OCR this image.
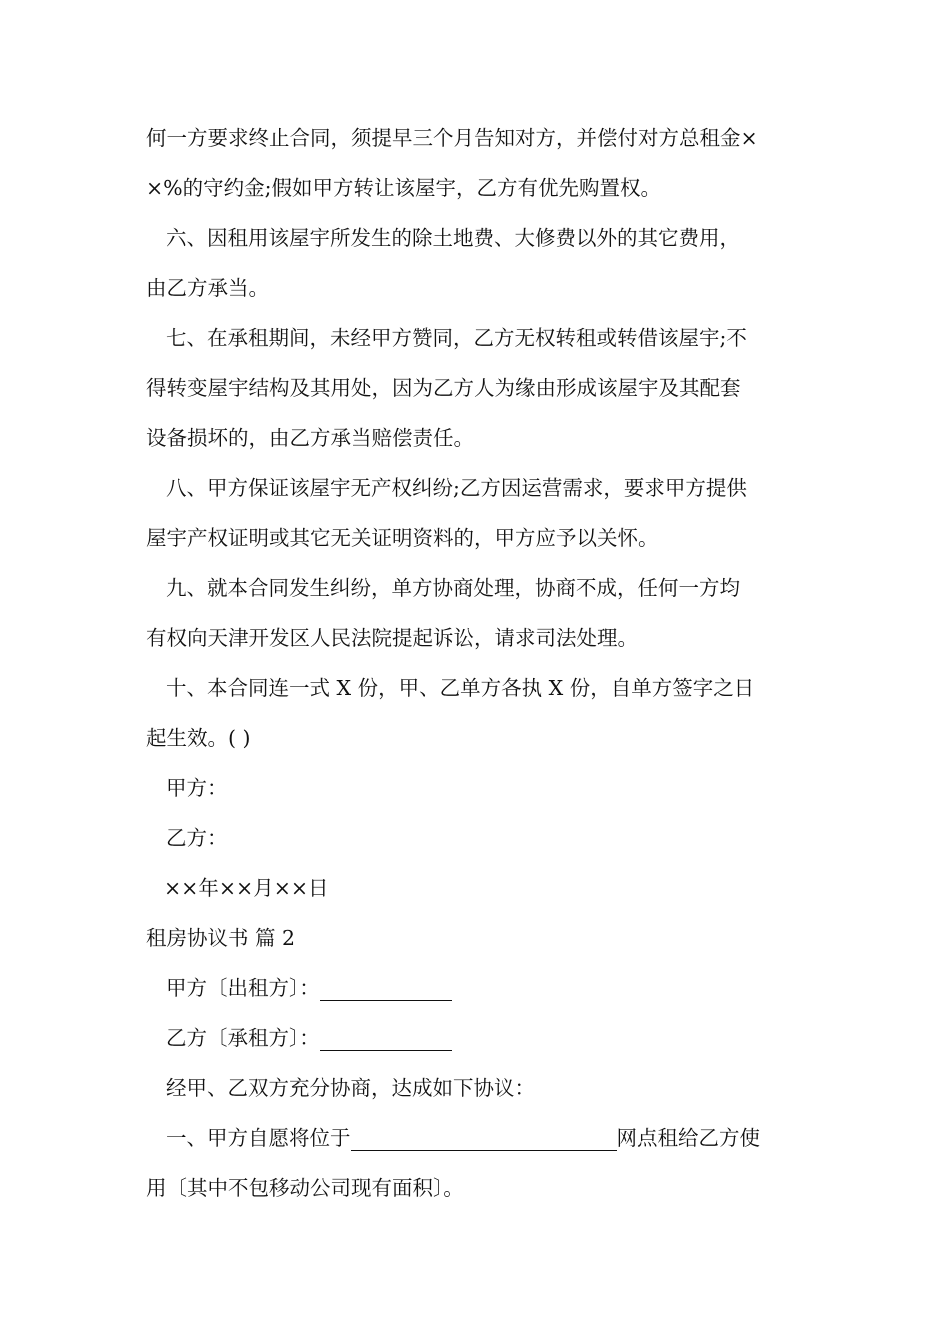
何一方要求终止合同，须提早三个月告知对方，并偿付对方总租金×
×%的守约金;假如甲方转让该屋宇，乙方有优先购置权。
六、因租用该屋宇所发生的除土地费、大修费以外的其它费用，
由乙方承当。
七、在承租期间，未经甲方赞同，乙方无权转租或转借该屋宇;不
得转变屋宇结构及其用处，因为乙方人为缘由形成该屋宇及其配套
设备损坏的，由乙方承当赔偿责任。
八、甲方保证该屋宇无产权纠纷;乙方因运营需求，要求甲方提供
屋宇产权证明或其它无关证明资料的，甲方应予以关怀。
九、就本合同发生纠纷，单方协商处理，协商不成，任何一方均
有权向天津开发区人民法院提起诉讼，请求司法处理。
十、本合同连一式 X 份，甲、乙单方各执 X 份，自单方签字之日
起生效。( )
甲方：
乙方：
××年××月××日
租房协议书 篇 2
甲方〔出租方〕：
乙方〔承租方〕：
经甲、乙双方充分协商，达成如下协议：
一、甲方自愿将位于	网点租给乙方使
用〔其中不包移动公司现有面积〕。
